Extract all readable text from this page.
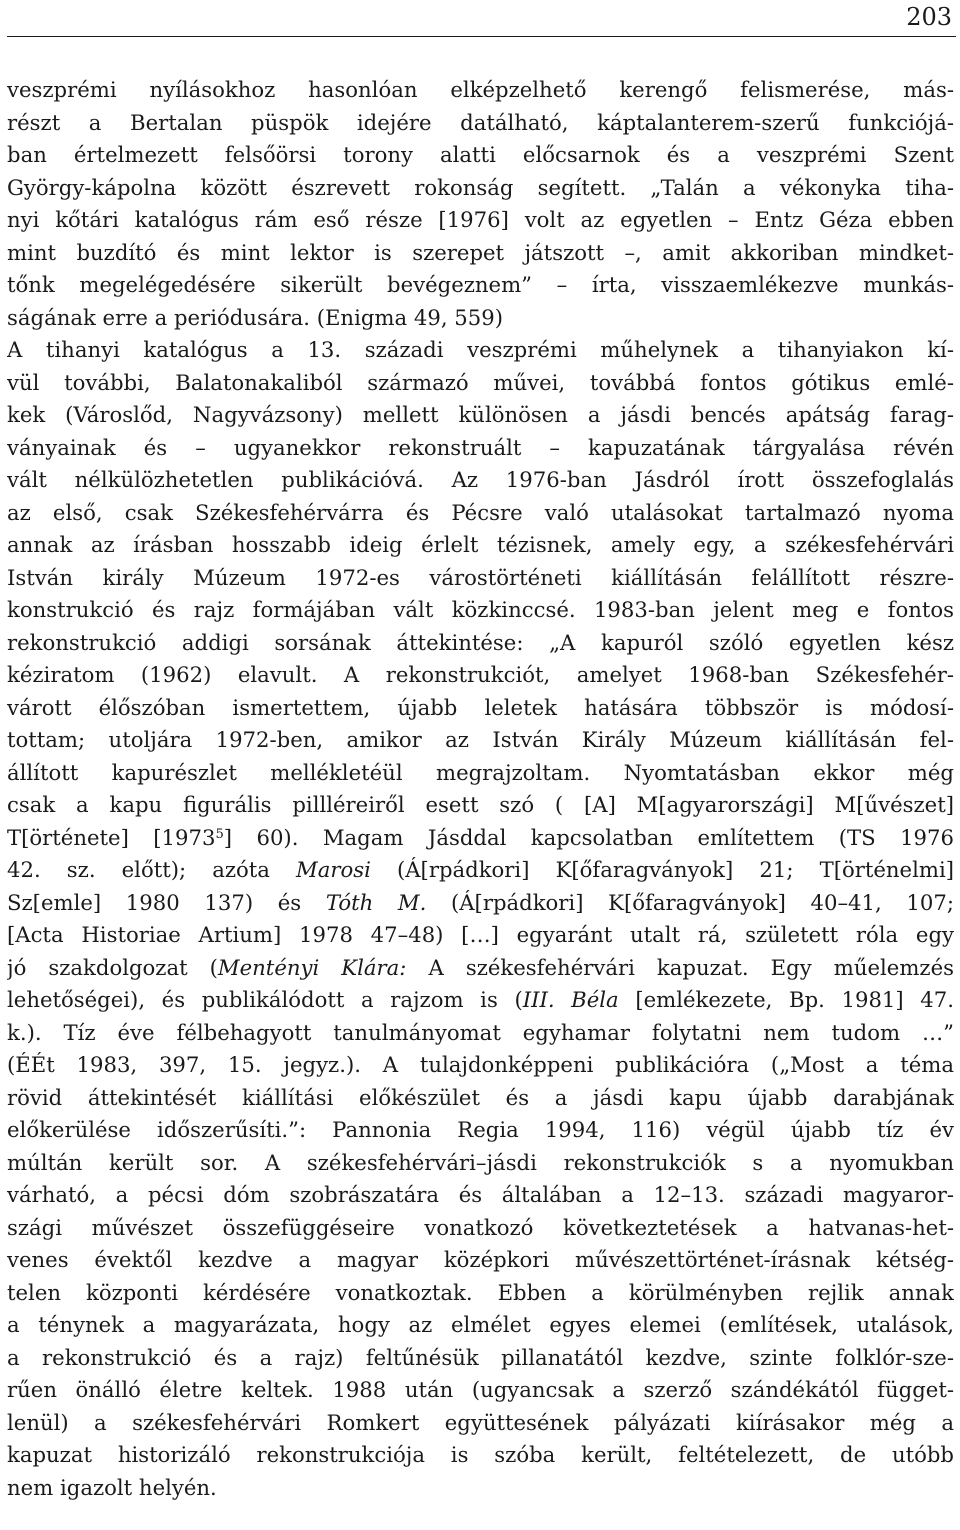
203
veszprémi nyílásokhoz hasonlóan elképzelhető kerengő felismerése, más-
részt a Bertalan püspök idejére datálható, káptalanterem-szerű funkciójá-
ban értelmezett felsőörsi torony alatti előcsarnok és a veszprémi Szent
György-kápolna között észrevett rokonság segített. „Talán a vékonyka tiha-
nyi kőtári katalógus rám eső része [1976] volt az egyetlen – Entz Géza ebben
mint buzdító és mint lektor is szerepet játszott –, amit akkoriban mindket-
tőnk megelégedésére sikerült bevégeznem” – írta, visszaemlékezve munkás-
ságának erre a periódusára. (Enigma 49, 559)
A tihanyi katalógus a 13. századi veszprémi műhelynek a tihanyiakon kí-
vül további, Balatonakaliból származó művei, továbbá fontos gótikus emlé-
kek (Városlőd, Nagyvázsony) mellett különösen a jásdi bencés apátság farag-
ványainak és – ugyanekkor rekonstruált – kapuzatának tárgyalása révén
vált nélkülözhetetlen publikációvá. Az 1976-ban Jásdról írott összefoglalás
az első, csak Székesfehérvárra és Pécsre való utalásokat tartalmazó nyoma
annak az írásban hosszabb ideig érlelt tézisnek, amely egy, a székesfehérvári
István király Múzeum 1972-es várostörténeti kiállításán felállított részre-
konstrukció és rajz formájában vált közkinccsé. 1983-ban jelent meg e fontos
rekonstrukció addigi sorsának áttekintése: „A kapuról szóló egyetlen kész
kéziratom (1962) elavult. A rekonstrukciót, amelyet 1968-ban Székesfehér-
várott élőszóban ismertettem, újabb leletek hatására többször is módosí-
tottam; utoljára 1972-ben, amikor az István Király Múzeum kiállításán fel-
állított kapurészlet mellékletéül megrajzoltam. Nyomtatásban ekkor még
csak a kapu figurális pillléreiről esett szó ( [A] M[agyarországi] M[űvészet]
T[örténete] [1973$^5$] 60). Magam Jásddal kapcsolatban említettem (TS 1976
42. sz. előtt); azóta Marosi (Á[rpádkori] K[őfaragványok] 21; T[örténelmi]
Sz[emle] 1980 137) és Tóth M. (Á[rpádkori] K[őfaragványok] 40–41, 107;
[Acta Historiae Artium] 1978 47–48) […] egyaránt utalt rá, született róla egy
jó szakdolgozat (Mentényi Klára: A székesfehérvári kapuzat. Egy műelemzés
lehetőségei), és publikálódott a rajzom is (III. Béla [emlékezete, Bp. 1981] 47.
k.). Tíz éve félbehagyott tanulmányomat egyhamar folytatni nem tudom …”
(ÉÉt 1983, 397, 15. jegyz.). A tulajdonképpeni publikációra („Most a téma
rövid áttekintését kiállítási előkészület és a jásdi kapu újabb darabjának
előkerülése időszerűsíti.”: Pannonia Regia 1994, 116) végül újabb tíz év
múltán került sor. A székesfehérvári–jásdi rekonstrukciók s a nyomukban
várható, a pécsi dóm szobrászatára és általában a 12–13. századi magyaror-
szági művészet összefüggéseire vonatkozó következtetések a hatvanas-het-
venes évektől kezdve a magyar középkori művészettörténet-írásnak kétség-
telen központi kérdésére vonatkoztak. Ebben a körülményben rejlik annak
a ténynek a magyarázata, hogy az elmélet egyes elemei (említések, utalások,
a rekonstrukció és a rajz) feltűnésük pillanatától kezdve, szinte folklór-sze-
rűen önálló életre keltek. 1988 után (ugyancsak a szerző szándékától függet-
lenül) a székesfehérvári Romkert együttesének pályázati kiírásakor még a
kapuzat historizáló rekonstrukciója is szóba került, feltételezett, de utóbb
nem igazolt helyén.
